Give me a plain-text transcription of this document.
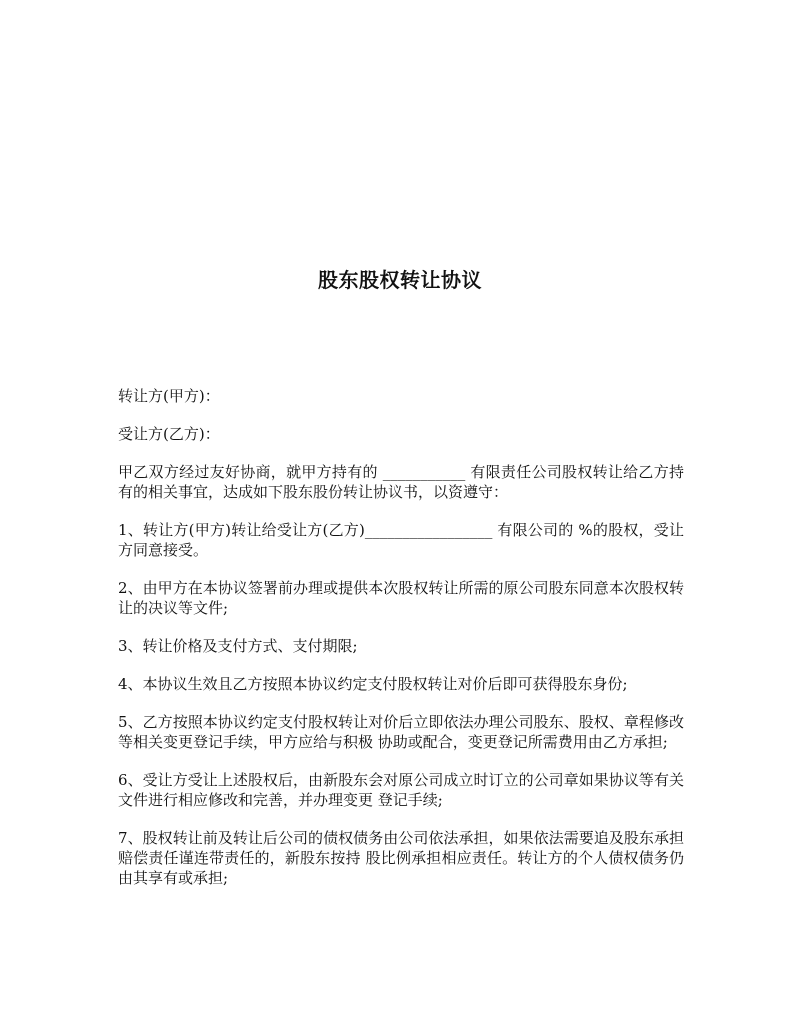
股东股权转让协议

转让方(甲方)：

受让方(乙方)：

甲乙双方经过友好协商，就甲方持有的 ___________ 有限责任公司股权转让给乙方持有的相关事宜，达成如下股东股份转让协议书，以资遵守：

1、转让方(甲方)转让给受让方(乙方)_________________ 有限公司的 %的股权，受让方同意接受。

2、由甲方在本协议签署前办理或提供本次股权转让所需的原公司股东同意本次股权转让的决议等文件;

3、转让价格及支付方式、支付期限;

4、本协议生效且乙方按照本协议约定支付股权转让对价后即可获得股东身份;

5、乙方按照本协议约定支付股权转让对价后立即依法办理公司股东、股权、章程修改等相关变更登记手续，甲方应给与积极 协助或配合，变更登记所需费用由乙方承担;

6、受让方受让上述股权后，由新股东会对原公司成立时订立的公司章如果协议等有关文件进行相应修改和完善，并办理变更 登记手续;

7、股权转让前及转让后公司的债权债务由公司依法承担，如果依法需要追及股东承担赔偿责任谨连带责任的，新股东按持 股比例承担相应责任。转让方的个人债权债务仍由其享有或承担;
